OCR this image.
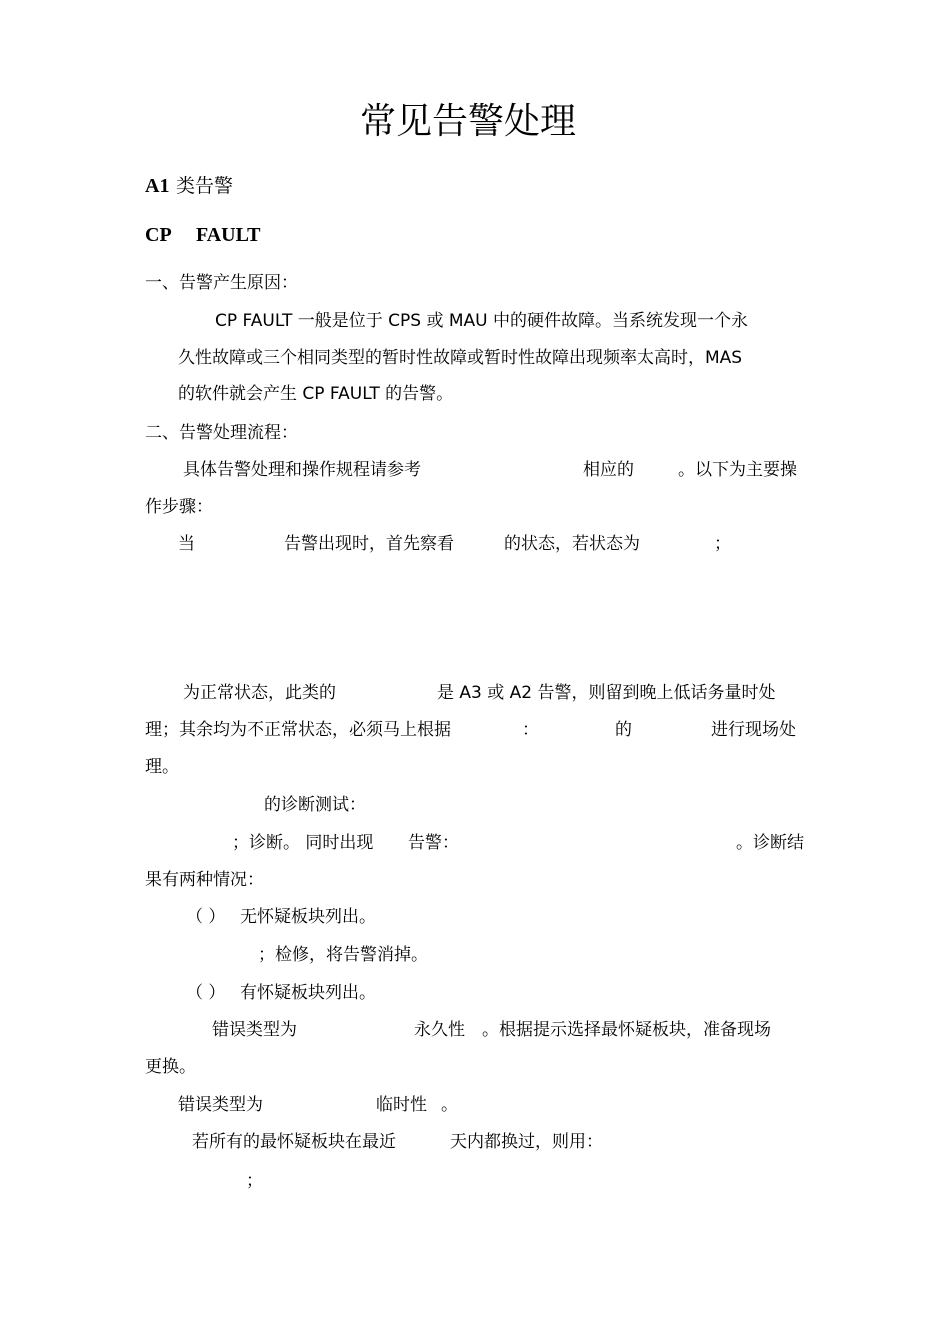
常见告警处理
A1 类告警
CP FAULT
一、告警产生原因：
CP FAULT 一般是位于 CPS 或 MAU 中的硬件故障。当系统发现一个永
久性故障或三个相同类型的暂时性故障或暂时性故障出现频率太高时，MAS
的软件就会产生 CP FAULT 的告警。
二、告警处理流程：
具体告警处理和操作规程请参考	相应的	。以下为主要操
作步骤：
当	告警出现时，首先察看	的状态，若状态为	；
为正常状态，此类的	是 A3 或 A2 告警，则留到晚上低话务量时处
理；其余均为不正常状态，必须马上根据	：	的	进行现场处
理。
的诊断测试：
；诊断。 同时出现 告警：	。诊断结
果有两种情况：
（ ） 无怀疑板块列出。
；检修，将告警消掉。
（ ） 有怀疑板块列出。
错误类型为	永久性 。根据提示选择最怀疑板块，准备现场
更换。
错误类型为	临时性 。
若所有的最怀疑板块在最近	天内都换过，则用：
；
